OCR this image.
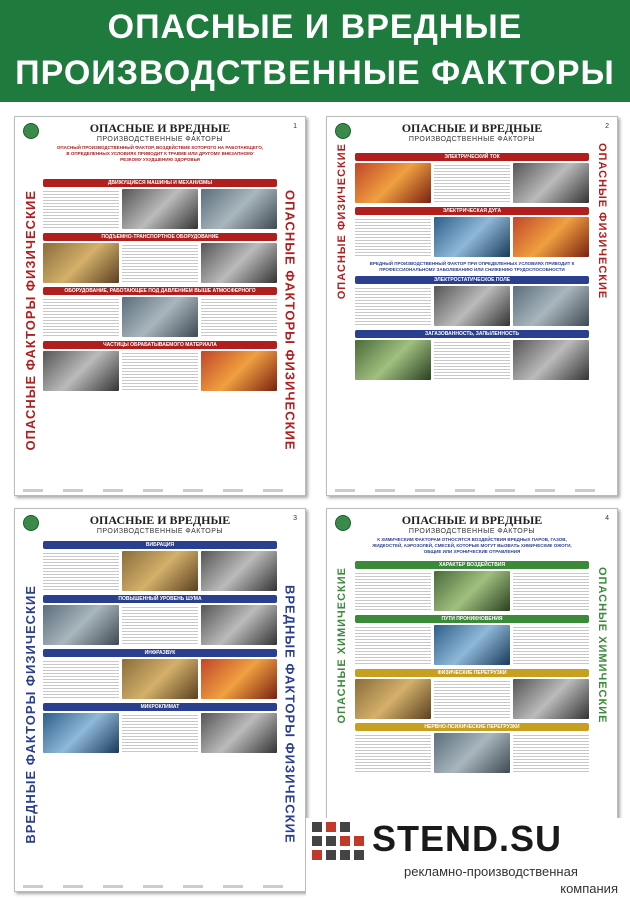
ОПАСНЫЕ И ВРЕДНЫЕ
ПРОИЗВОДСТВЕННЫЕ ФАКТОРЫ
1
ОПАСНЫЕ И ВРЕДНЫЕ
ПРОИЗВОДСТВЕННЫЕ ФАКТОРЫ
ОПАСНЫЙ ПРОИЗВОДСТВЕННЫЙ ФАКТОР, ВОЗДЕЙСТВИЕ КОТОРОГО НА РАБОТАЮЩЕГО, В ОПРЕДЕЛЕННЫХ УСЛОВИЯХ ПРИВОДИТ К ТРАВМЕ ИЛИ ДРУГОМУ ВНЕЗАПНОМУ РЕЗКОМУ УХУДШЕНИЮ ЗДОРОВЬЯ
ОПАСНЫЕ ФАКТОРЫ ФИЗИЧЕСКИЕ	ОПАСНЫЕ ФАКТОРЫ ФИЗИЧЕСКИЕ
ДВИЖУЩИЕСЯ МАШИНЫ И МЕХАНИЗМЫ
ПОДЪЕМНО-ТРАНСПОРТНОЕ ОБОРУДОВАНИЕ
ОБОРУДОВАНИЕ, РАБОТАЮЩЕЕ ПОД ДАВЛЕНИЕМ ВЫШЕ АТМОСФЕРНОГО
ЧАСТИЦЫ ОБРАБАТЫВАЕМОГО МАТЕРИАЛА
2
ОПАСНЫЕ И ВРЕДНЫЕ
ПРОИЗВОДСТВЕННЫЕ ФАКТОРЫ
ОПАСНЫЕ ФИЗИЧЕСКИЕ	ОПАСНЫЕ ФИЗИЧЕСКИЕ
ЭЛЕКТРИЧЕСКИЙ ТОК
ЭЛЕКТРИЧЕСКАЯ ДУГА
ВРЕДНЫЙ ПРОИЗВОДСТВЕННЫЙ ФАКТОР ПРИ ОПРЕДЕЛЕННЫХ УСЛОВИЯХ ПРИВОДИТ К ПРОФЕССИОНАЛЬНОМУ ЗАБОЛЕВАНИЮ ИЛИ СНИЖЕНИЮ ТРУДОСПОСОБНОСТИ
ЭЛЕКТРОСТАТИЧЕСКОЕ ПОЛЕ
ЗАГАЗОВАННОСТЬ, ЗАПЫЛЕННОСТЬ
3
ОПАСНЫЕ И ВРЕДНЫЕ
ПРОИЗВОДСТВЕННЫЕ ФАКТОРЫ
ВРЕДНЫЕ ФАКТОРЫ ФИЗИЧЕСКИЕ	ВРЕДНЫЕ ФАКТОРЫ ФИЗИЧЕСКИЕ
ВИБРАЦИЯ
ПОВЫШЕННЫЙ УРОВЕНЬ ШУМА
ИНФРАЗВУК
МИКРОКЛИМАТ
4
ОПАСНЫЕ И ВРЕДНЫЕ
ПРОИЗВОДСТВЕННЫЕ ФАКТОРЫ
К ХИМИЧЕСКИМ ФАКТОРАМ ОТНОСЯТСЯ ВОЗДЕЙСТВИЯ ВРЕДНЫХ ПАРОВ, ГАЗОВ, ЖИДКОСТЕЙ, АЭРОЗОЛЕЙ, СМЕСЕЙ, КОТОРЫЕ МОГУТ ВЫЗВАТЬ ХИМИЧЕСКИЕ ОЖОГИ, ОБЩИЕ ИЛИ ХРОНИЧЕСКИЕ ОТРАВЛЕНИЯ
ОПАСНЫЕ ХИМИЧЕСКИЕ	ОПАСНЫЕ ХИМИЧЕСКИЕ
ХАРАКТЕР ВОЗДЕЙСТВИЯ
ПУТИ ПРОНИКНОВЕНИЯ
ФИЗИЧЕСКИЕ ПЕРЕГРУЗКИ
НЕРВНО-ПСИХИЧЕСКИЕ ПЕРЕГРУЗКИ
STEND.SU
рекламно-производственная
компания
